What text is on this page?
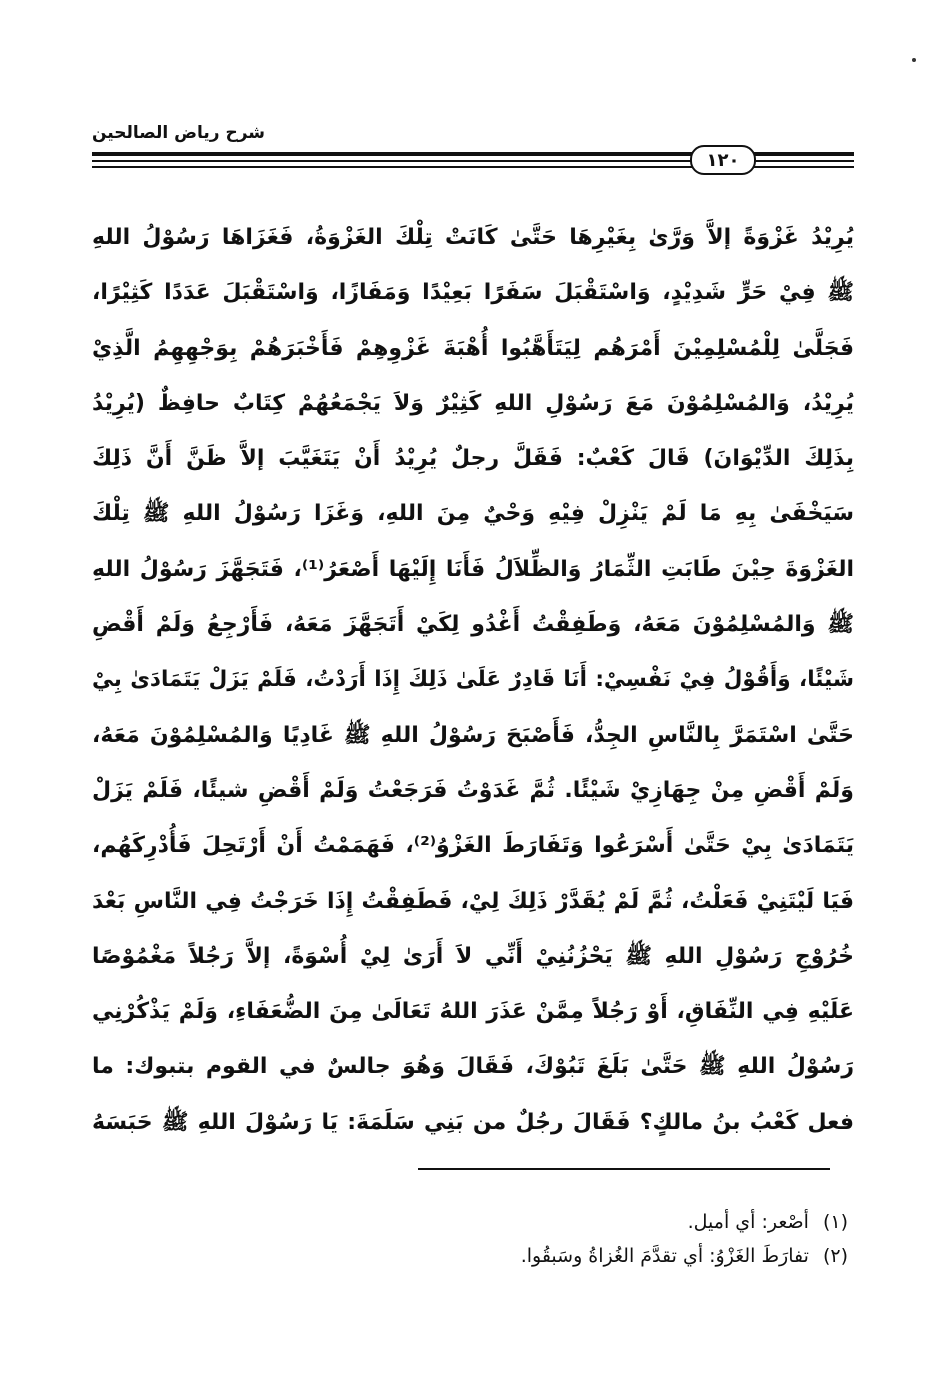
شرح رياض الصالحين
١٢٠
يُرِيْدُ غَزْوَةً إلاَّ وَرَّىٰ بِغَيْرِهَا حَتَّىٰ كَانَتْ تِلْكَ الغَزْوَةُ، فَغَزَاهَا رَسُوْلُ اللهِ
ﷺ فِيْ حَرٍّ شَدِيْدٍ، وَاسْتَقْبَلَ سَفَرًا بَعِيْدًا وَمَفَازًا، وَاسْتَقْبَلَ عَدَدًا كَثِيْرًا،
فَجَلَّىٰ لِلْمُسْلِمِيْنَ أَمْرَهُم لِيَتَأَهَّبُوا أُهْبَةَ غَزْوِهِمْ فَأَخْبَرَهُمْ بِوَجْهِهِمُ الَّذِيْ
يُرِيْدُ، وَالمُسْلِمُوْنَ مَعَ رَسُوْلِ اللهِ كَثِيْرٌ وَلاَ يَجْمَعُهُمْ كِتَابٌ حافِظٌ (يُرِيْدُ
بِذَلِكَ الدِّيْوَانَ) قَالَ كَعْبٌ: فَقَلَّ رجلٌ يُرِيْدُ أَنْ يَتَغَيَّبَ إلاَّ ظَنَّ أَنَّ ذَلِكَ
سَيَخْفَىٰ بِهِ مَا لَمْ يَنْزِلْ فِيْهِ وَحْيٌ مِنَ اللهِ، وَغَزَا رَسُوْلُ اللهِ ﷺ تِلْكَ
الغَزْوَةَ حِيْنَ طَابَتِ الثِّمَارُ وَالظِّلاَلُ فَأَنَا إِلَيْهَا أَصْعَرُ⁽¹⁾، فَتَجَهَّزَ رَسُوْلُ اللهِ
ﷺ وَالمُسْلِمُوْنَ مَعَهُ، وَطَفِقْتُ أَغْدُو لِكَيْ أَتَجَهَّزَ مَعَهُ، فَأَرْجِعُ وَلَمْ أَقْضِ
شَيْئًا، وَأَقُوْلُ فِيْ نَفْسِيْ: أَنَا قَادِرٌ عَلَىٰ ذَلِكَ إِذَا أَرَدْتُ، فَلَمْ يَزَلْ يَتَمَادَىٰ بِيْ
حَتَّىٰ اسْتَمَرَّ بِالنَّاسِ الجِدُّ، فَأَصْبَحَ رَسُوْلُ اللهِ ﷺ غَادِيًا وَالمُسْلِمُوْنَ مَعَهُ،
وَلَمْ أَقْضِ مِنْ جِهَازِيْ شَيْئًا. ثُمَّ غَدَوْتُ فَرَجَعْتُ وَلَمْ أَقْضِ شيئًا، فَلَمْ يَزَلْ
يَتَمَادَىٰ بِيْ حَتَّىٰ أَسْرَعُوا وَتَفَارَطَ الغَزْوُ⁽²⁾، فَهَمَمْتُ أَنْ أَرْتَحِلَ فَأُدْرِكَهُم،
فَيَا لَيْتَنِيْ فَعَلْتُ، ثُمَّ لَمْ يُقَدَّرْ ذَلِكَ لِيْ، فَطَفِقْتُ إِذَا خَرَجْتُ فِي النَّاسِ بَعْدَ
خُرُوْجِ رَسُوْلِ اللهِ ﷺ يَحْزُنُنِيْ أَنِّي لاَ أَرَىٰ لِيْ أُسْوَةً، إلاَّ رَجُلاً مَغْمُوْصًا
عَلَيْهِ فِي النِّفَاقِ، أَوْ رَجُلاً مِمَّنْ عَذَرَ اللهُ تَعَالَىٰ مِنَ الضُّعَفَاءِ، وَلَمْ يَذْكُرْنِي
رَسُوْلُ اللهِ ﷺ حَتَّىٰ بَلَغَ تَبُوْكَ، فَقَالَ وَهُوَ جالسٌ في القوم بتبوك: ما
فعل كَعْبُ بنُ مالكٍ؟ فَقَالَ رجُلٌ من بَنِي سَلَمَةَ: يَا رَسُوْلَ اللهِ ﷺ حَبَسَهُ
(١)أصْعر: أي أميل.
(٢)تفارَطَ الغَزْوُ: أي تقدَّمَ الغُزاةُ وسَبقُوا.
